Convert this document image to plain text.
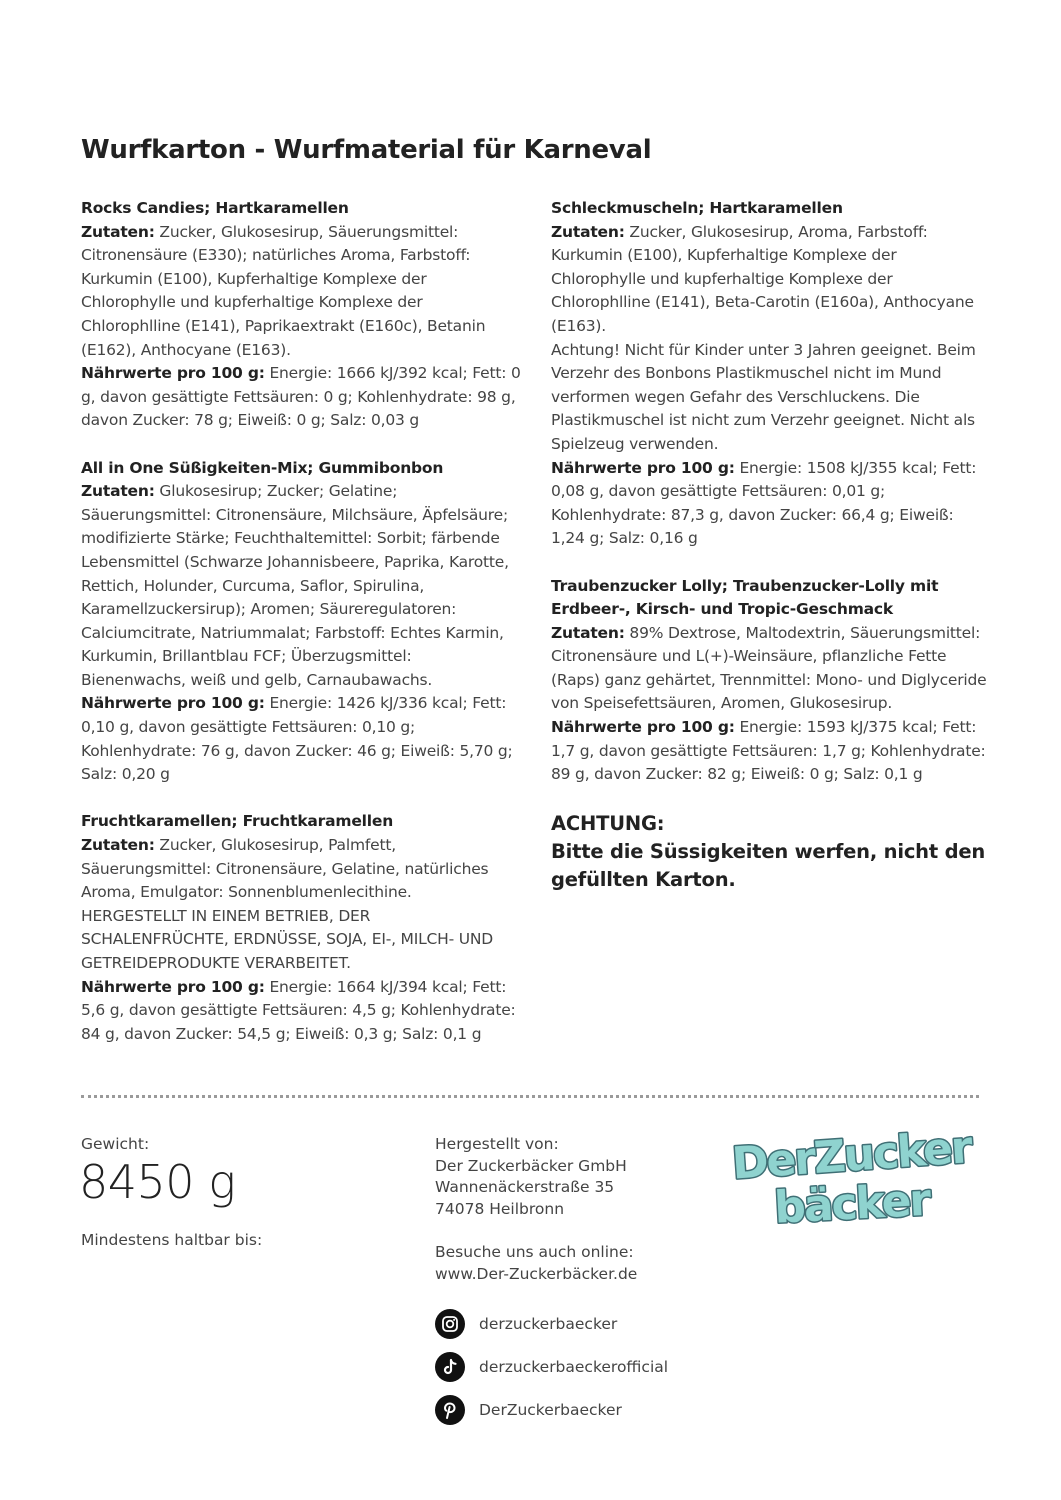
Wurfkarton - Wurfmaterial für Karneval
Rocks Candies; Hartkaramellen

Zutaten: Zucker, Glukosesirup, Säuerungsmittel: Citronensäure (E330); natürliches Aroma, Farbstoff: Kurkumin (E100), Kupferhaltige Komplexe der Chlorophylle und kupferhaltige Komplexe der Chlorophlline (E141), Paprikaextrakt (E160c), Betanin (E162), Anthocyane (E163).

Nährwerte pro 100 g: Energie: 1666 kJ/392 kcal; Fett: 0 g, davon gesättigte Fettsäuren: 0 g; Kohlenhydrate: 98 g, davon Zucker: 78 g; Eiweiß: 0 g; Salz: 0,03 g

All in One Süßigkeiten-Mix; Gummibonbon

Zutaten: Glukosesirup; Zucker; Gelatine; Säuerungsmittel: Citronensäure, Milchsäure, Äpfelsäure; modifizierte Stärke; Feuchthaltemittel: Sorbit; färbende Lebensmittel (Schwarze Johannisbeere, Paprika, Karotte, Rettich, Holunder, Curcuma, Saflor, Spirulina, Karamellzuckersirup); Aromen; Säureregulatoren: Calciumcitrate, Natriummalat; Farbstoff: Echtes Karmin, Kurkumin, Brillantblau FCF; Überzugsmittel: Bienenwachs, weiß und gelb, Carnaubawachs.

Nährwerte pro 100 g: Energie: 1426 kJ/336 kcal; Fett: 0,10 g, davon gesättigte Fettsäuren: 0,10 g; Kohlenhydrate: 76 g, davon Zucker: 46 g; Eiweiß: 5,70 g; Salz: 0,20 g

Fruchtkaramellen; Fruchtkaramellen

Zutaten: Zucker, Glukosesirup, Palmfett, Säuerungsmittel: Citronensäure, Gelatine, natürliches Aroma, Emulgator: Sonnenblumenlecithine.

HERGESTELLT IN EINEM BETRIEB, DER SCHALENFRÜCHTE, ERDNÜSSE, SOJA, EI-, MILCH- UND GETREIDEPRODUKTE VERARBEITET.

Nährwerte pro 100 g: Energie: 1664 kJ/394 kcal; Fett: 5,6 g, davon gesättigte Fettsäuren: 4,5 g; Kohlenhydrate: 84 g, davon Zucker: 54,5 g; Eiweiß: 0,3 g; Salz: 0,1 g

Schleckmuscheln; Hartkaramellen

Zutaten: Zucker, Glukosesirup, Aroma, Farbstoff: Kurkumin (E100), Kupferhaltige Komplexe der Chlorophylle und kupferhaltige Komplexe der Chlorophlline (E141), Beta-Carotin (E160a), Anthocyane (E163).

Achtung! Nicht für Kinder unter 3 Jahren geeignet. Beim Verzehr des Bonbons Plastikmuschel nicht im Mund verformen wegen Gefahr des Verschluckens. Die Plastikmuschel ist nicht zum Verzehr geeignet. Nicht als Spielzeug verwenden.

Nährwerte pro 100 g: Energie: 1508 kJ/355 kcal; Fett: 0,08 g, davon gesättigte Fettsäuren: 0,01 g; Kohlenhydrate: 87,3 g, davon Zucker: 66,4 g; Eiweiß: 1,24 g; Salz: 0,16 g

Traubenzucker Lolly; Traubenzucker-Lolly mit Erdbeer-, Kirsch- und Tropic-Geschmack

Zutaten: 89% Dextrose, Maltodextrin, Säuerungsmittel: Citronensäure und L(+)-Weinsäure, pflanzliche Fette (Raps) ganz gehärtet, Trennmittel: Mono- und Diglyceride von Speisefettsäuren, Aromen, Glukosesirup.

Nährwerte pro 100 g: Energie: 1593 kJ/375 kcal; Fett: 1,7 g, davon gesättigte Fettsäuren: 1,7 g; Kohlenhydrate: 89 g, davon Zucker: 82 g; Eiweiß: 0 g; Salz: 0,1 g

ACHTUNG:
Bitte die Süssigkeiten werfen, nicht den gefüllten Karton.
Gewicht:
8450 g
Mindestens haltbar bis:
Hergestellt von:
Der Zuckerbäcker GmbH
Wannenäckerstraße 35
74078 Heilbronn
Besuche uns auch online:
www.Der-Zuckerbäcker.de
derzuckerbaecker
derzuckerbaeckerofficial
DerZuckerbaecker
DerZucker
bäcker
